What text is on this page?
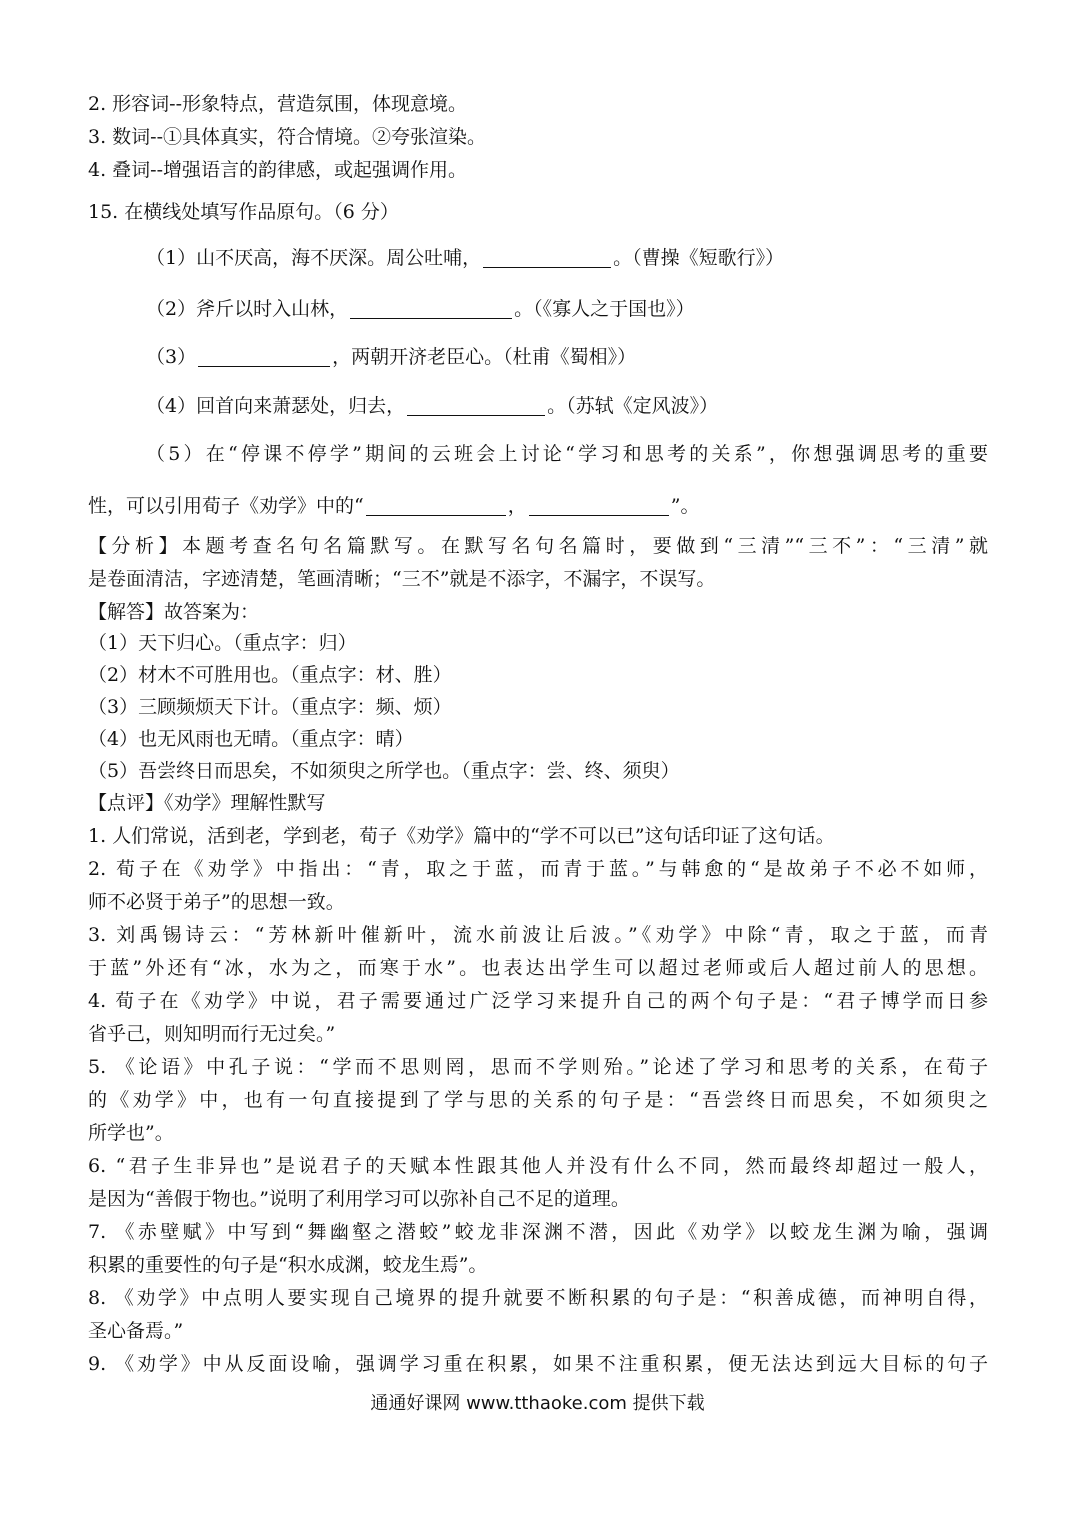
2. 形容词--形象特点，营造氛围，体现意境。
3. 数词--①具体真实，符合情境。②夸张渲染。
4. 叠词--增强语言的韵律感，或起强调作用。
15. 在横线处填写作品原句。（6 分）
（1）山不厌高，海不厌深。周公吐哺，	。（曹操《短歌行》）
（2）斧斤以时入山林，	。（《寡人之于国也》）
（3）	，两朝开济老臣心。（杜甫《蜀相》）
（4）回首向来萧瑟处，归去，	。（苏轼《定风波》）
（5）在“停课不停学”期间的云班会上讨论“学习和思考的关系”，你想强调思考的重要
性，可以引用荀子《劝学》中的“	，	”。
【分析】本题考查名句名篇默写。在默写名句名篇时，要做到“三清”“三不”：“三清”就
是卷面清洁，字迹清楚，笔画清晰；“三不”就是不添字，不漏字，不误写。
【解答】故答案为：
（1）天下归心。（重点字：归）
（2）材木不可胜用也。（重点字：材、胜）
（3）三顾频烦天下计。（重点字：频、烦）
（4）也无风雨也无晴。（重点字：晴）
（5）吾尝终日而思矣，不如须臾之所学也。（重点字：尝、终、须臾）
【点评】《劝学》理解性默写
1. 人们常说，活到老，学到老，荀子《劝学》篇中的“学不可以已”这句话印证了这句话。
2. 荀子在《劝学》中指出：“青，取之于蓝，而青于蓝。”与韩愈的“是故弟子不必不如师，
师不必贤于弟子”的思想一致。
3. 刘禹锡诗云：“芳林新叶催新叶，流水前波让后波。”《劝学》中除“青，取之于蓝，而青
于蓝”外还有“冰，水为之，而寒于水”。也表达出学生可以超过老师或后人超过前人的思想。
4. 荀子在《劝学》中说，君子需要通过广泛学习来提升自己的两个句子是：“君子博学而日参
省乎己，则知明而行无过矣。”
5. 《论语》中孔子说：“学而不思则罔，思而不学则殆。”论述了学习和思考的关系，在荀子
的《劝学》中，也有一句直接提到了学与思的关系的句子是：“吾尝终日而思矣，不如须臾之
所学也”。
6. “君子生非异也”是说君子的天赋本性跟其他人并没有什么不同，然而最终却超过一般人，
是因为“善假于物也。”说明了利用学习可以弥补自己不足的道理。
7. 《赤壁赋》中写到“舞幽壑之潜蛟”蛟龙非深渊不潜，因此《劝学》以蛟龙生渊为喻，强调
积累的重要性的句子是“积水成渊，蛟龙生焉”。
8. 《劝学》中点明人要实现自己境界的提升就要不断积累的句子是：“积善成德，而神明自得，
圣心备焉。”
9. 《劝学》中从反面设喻，强调学习重在积累，如果不注重积累，便无法达到远大目标的句子
通通好课网 www.tthaoke.com 提供下载
